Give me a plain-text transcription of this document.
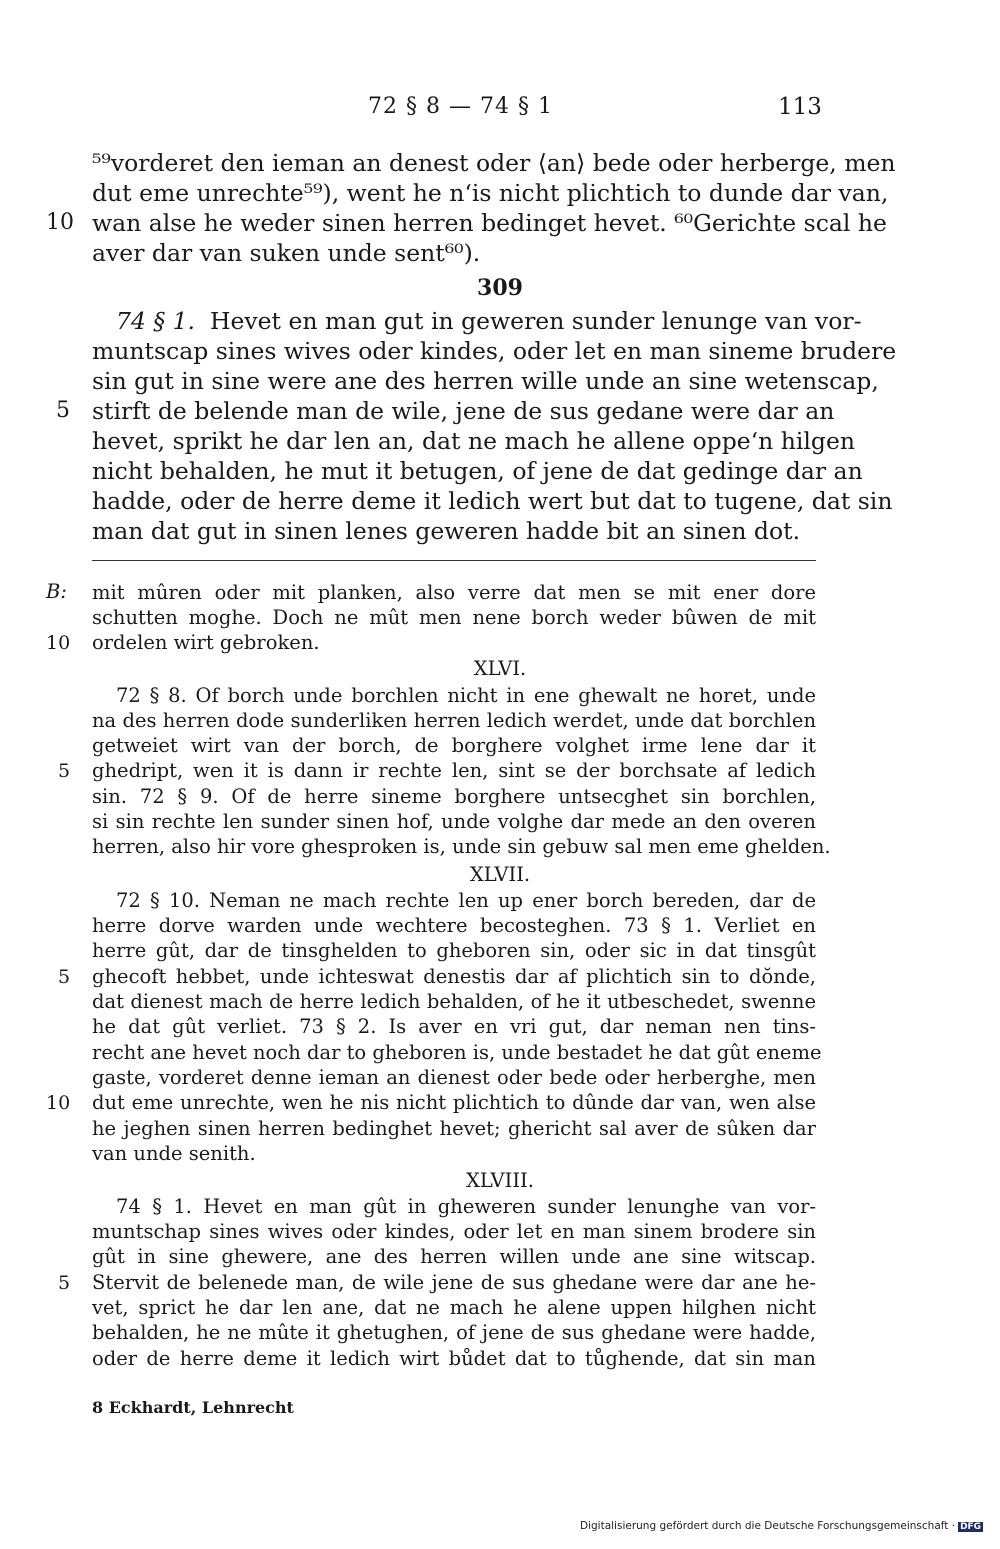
72 § 8 — 74 § 1	113
⁵⁹vorderet den ieman an denest oder ⟨an⟩ bede oder herberge, men
dut eme unrechte⁵⁹), went he n‘is nicht plichtich to dunde dar van,
10 wan alse he weder sinen herren bedinget hevet. ⁶⁰Gerichte scal he
aver dar van suken unde sent⁶⁰).
309
74 § 1. Hevet en man gut in geweren sunder lenunge van vor-
muntscap sines wives oder kindes, oder let en man sineme brudere
sin gut in sine were ane des herren wille unde an sine wetenscap,
5 stirft de belende man de wile, jene de sus gedane were dar an
hevet, sprikt he dar len an, dat ne mach he allene oppe‘n hilgen
nicht behalden, he mut it betugen, of jene de dat gedinge dar an
hadde, oder de herre deme it ledich wert but dat to tugene, dat sin
man dat gut in sinen lenes geweren hadde bit an sinen dot.
B: mit mûren oder mit planken, also verre dat men se mit ener dore
schutten moghe. Doch ne mût men nene borch weder bûwen de mit
10 ordelen wirt gebroken.
XLVI.
72 § 8. Of borch unde borchlen nicht in ene ghewalt ne horet, unde
na des herren dode sunderliken herren ledich werdet, unde dat borchlen
getweiet wirt van der borch, de borghere volghet irme lene dar it
5 ghedript, wen it is dann ir rechte len, sint se der borchsate af ledich
sin. 72 § 9. Of de herre sineme borghere untsecghet sin borchlen,
si sin rechte len sunder sinen hof, unde volghe dar mede an den overen
herren, also hir vore ghesproken is, unde sin gebuw sal men eme ghelden.
XLVII.
72 § 10. Neman ne mach rechte len up ener borch bereden, dar de
herre dorve warden unde wechtere becosteghen. 73 § 1. Verliet en
herre gût, dar de tinsghelden to gheboren sin, oder sic in dat tinsgût
5 ghecoft hebbet, unde ichteswat denestis dar af plichtich sin to dŏnde,
dat dienest mach de herre ledich behalden, of he it utbeschedet, swenne
he dat gût verliet. 73 § 2. Is aver en vri gut, dar neman nen tins-
recht ane hevet noch dar to gheboren is, unde bestadet he dat gût eneme
gaste, vorderet denne ieman an dienest oder bede oder herberghe, men
10 dut eme unrechte, wen he nis nicht plichtich to dûnde dar van, wen alse
he jeghen sinen herren bedinghet hevet; ghericht sal aver de sûken dar
van unde senith.
XLVIII.
74 § 1. Hevet en man gût in gheweren sunder lenunghe van vor-
muntschap sines wives oder kindes, oder let en man sinem brodere sin
gût in sine ghewere, ane des herren willen unde ane sine witscap.
5 Stervit de belenede man, de wile jene de sus ghedane were dar ane he-
vet, sprict he dar len ane, dat ne mach he alene uppen hilghen nicht
behalden, he ne mûte it ghetughen, of jene de sus ghedane were hadde,
oder de herre deme it ledich wirt bůdet dat to tůghende, dat sin man
8 Eckhardt, Lehnrecht
Digitalisierung gefördert durch die Deutsche Forschungsgemeinschaft · DFG
